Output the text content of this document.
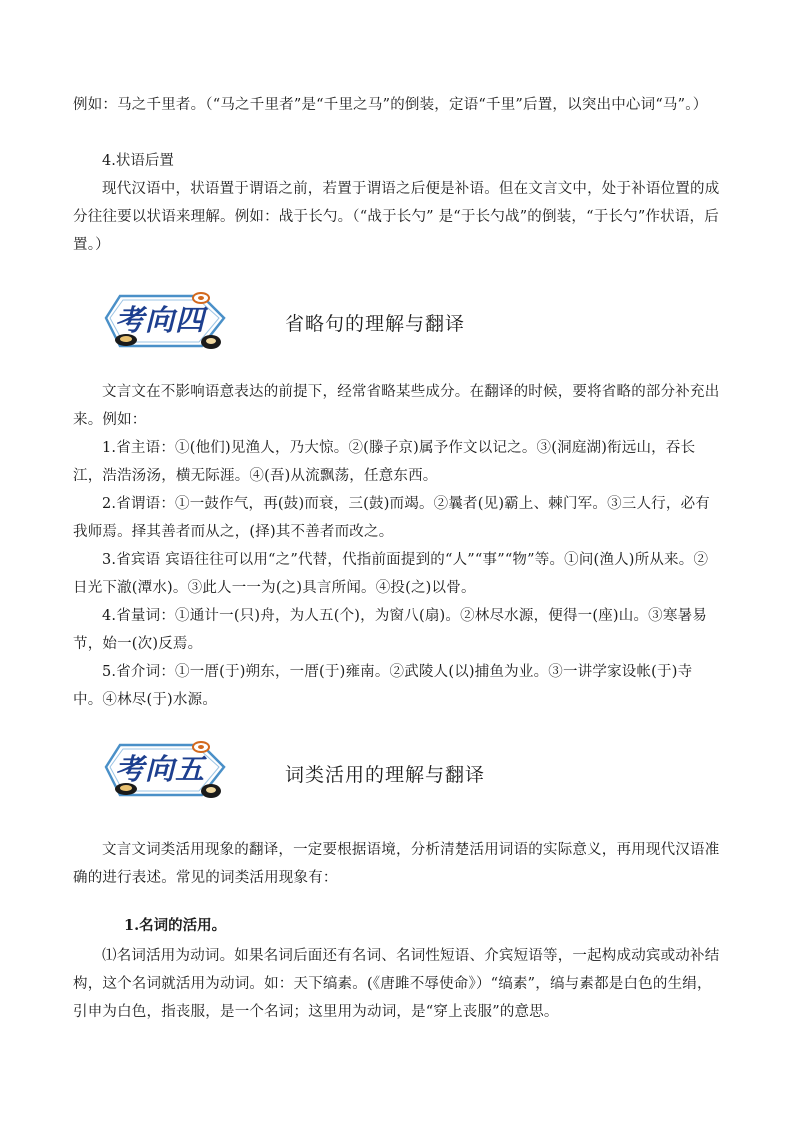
例如：马之千里者。（“马之千里者”是“千里之马”的倒装，定语“千里”后置，以突出中心词“马”。）
4.状语后置
现代汉语中，状语置于谓语之前，若置于谓语之后便是补语。但在文言文中，处于补语位置的成分往往要以状语来理解。例如：战于长勺。（“战于长勺” 是“于长勺战”的倒装，“于长勺”作状语，后置。）
考向四	省略句的理解与翻译
文言文在不影响语意表达的前提下，经常省略某些成分。在翻译的时候，要将省略的部分补充出来。例如：
1.省主语：①(他们)见渔人，乃大惊。②(滕子京)属予作文以记之。③(洞庭湖)衔远山，吞长江，浩浩汤汤，横无际涯。④(吾)从流飘荡，任意东西。
2.省谓语：①一鼓作气，再(鼓)而衰，三(鼓)而竭。②曩者(见)霸上、棘门军。③三人行，必有我师焉。择其善者而从之，(择)其不善者而改之。
3.省宾语 宾语往往可以用“之”代替，代指前面提到的“人”“事”“物”等。①问(渔人)所从来。②日光下澈(潭水)。③此人一一为(之)具言所闻。④投(之)以骨。
4.省量词：①通计一(只)舟，为人五(个)，为窗八(扇)。②林尽水源，便得一(座)山。③寒暑易节，始一(次)反焉。
5.省介词：①一厝(于)朔东，一厝(于)雍南。②武陵人(以)捕鱼为业。③一讲学家设帐(于)寺中。④林尽(于)水源。
考向五	词类活用的理解与翻译
文言文词类活用现象的翻译，一定要根据语境，分析清楚活用词语的实际意义，再用现代汉语准确的进行表述。常见的词类活用现象有：
1.名词的活用。
⑴名词活用为动词。如果名词后面还有名词、名词性短语、介宾短语等，一起构成动宾或动补结构，这个名词就活用为动词。如：天下缟素。(《唐雎不辱使命》）“缟素”，缟与素都是白色的生绢，引申为白色，指丧服，是一个名词；这里用为动词，是“穿上丧服”的意思。
